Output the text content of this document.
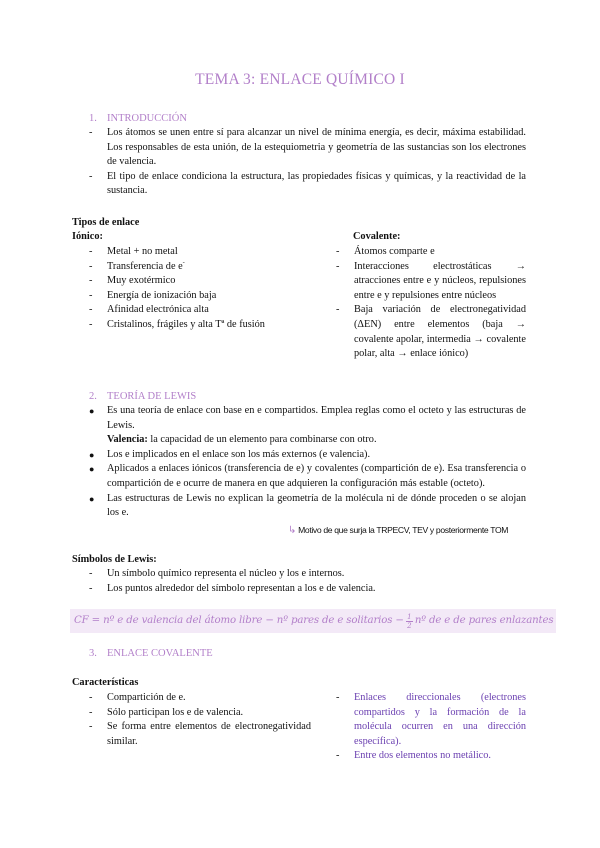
TEMA 3: ENLACE QUÍMICO I
1. INTRODUCCIÓN
- Los átomos se unen entre sí para alcanzar un nivel de mínima energía, es decir, máxima estabilidad. Los responsables de esta unión, de la estequiometria y geometría de las sustancias son los electrones de valencia.
- El tipo de enlace condiciona la estructura, las propiedades físicas y químicas, y la reactividad de la sustancia.
Tipos de enlace
Iónico:	Covalente:
- Metal + no metal
- Transferencia de e-
- Muy exotérmico
- Energía de ionización baja
- Afinidad electrónica alta
- Cristalinos, frágiles y alta Tª de fusión
- Átomos comparte e
- Interacciones electrostáticas → atracciones entre e y núcleos, repulsiones entre e y repulsiones entre núcleos
- Baja variación de electronegatividad (ΔEN) entre elementos (baja → covalente apolar, intermedia → covalente polar, alta → enlace iónico)
2. TEORÍA DE LEWIS
● Es una teoría de enlace con base en e compartidos. Emplea reglas como el octeto y las estructuras de Lewis.
Valencia: la capacidad de un elemento para combinarse con otro.
● Los e implicados en el enlace son los más externos (e valencia).
● Aplicados a enlaces iónicos (transferencia de e) y covalentes (compartición de e). Esa transferencia o compartición de e ocurre de manera en que adquieren la configuración más estable (octeto).
● Las estructuras de Lewis no explican la geometría de la molécula ni de dónde proceden o se alojan los e.
↳ Motivo de que surja la TRPECV, TEV y posteriormente TOM
Símbolos de Lewis:
- Un símbolo químico representa el núcleo y los e internos.
- Los puntos alrededor del símbolo representan a los e de valencia.
CF = nº e de valencia del átomo libre − nº pares de e solitarios − $\frac{1}{2}$ nº de e de pares enlazantes
3. ENLACE COVALENTE
Características
- Compartición de e.
- Sólo participan los e de valencia.
- Se forma entre elementos de electronegatividad similar.
- Enlaces direccionales (electrones compartidos y la formación de la molécula ocurren en una dirección específica).
- Entre dos elementos no metálico.
